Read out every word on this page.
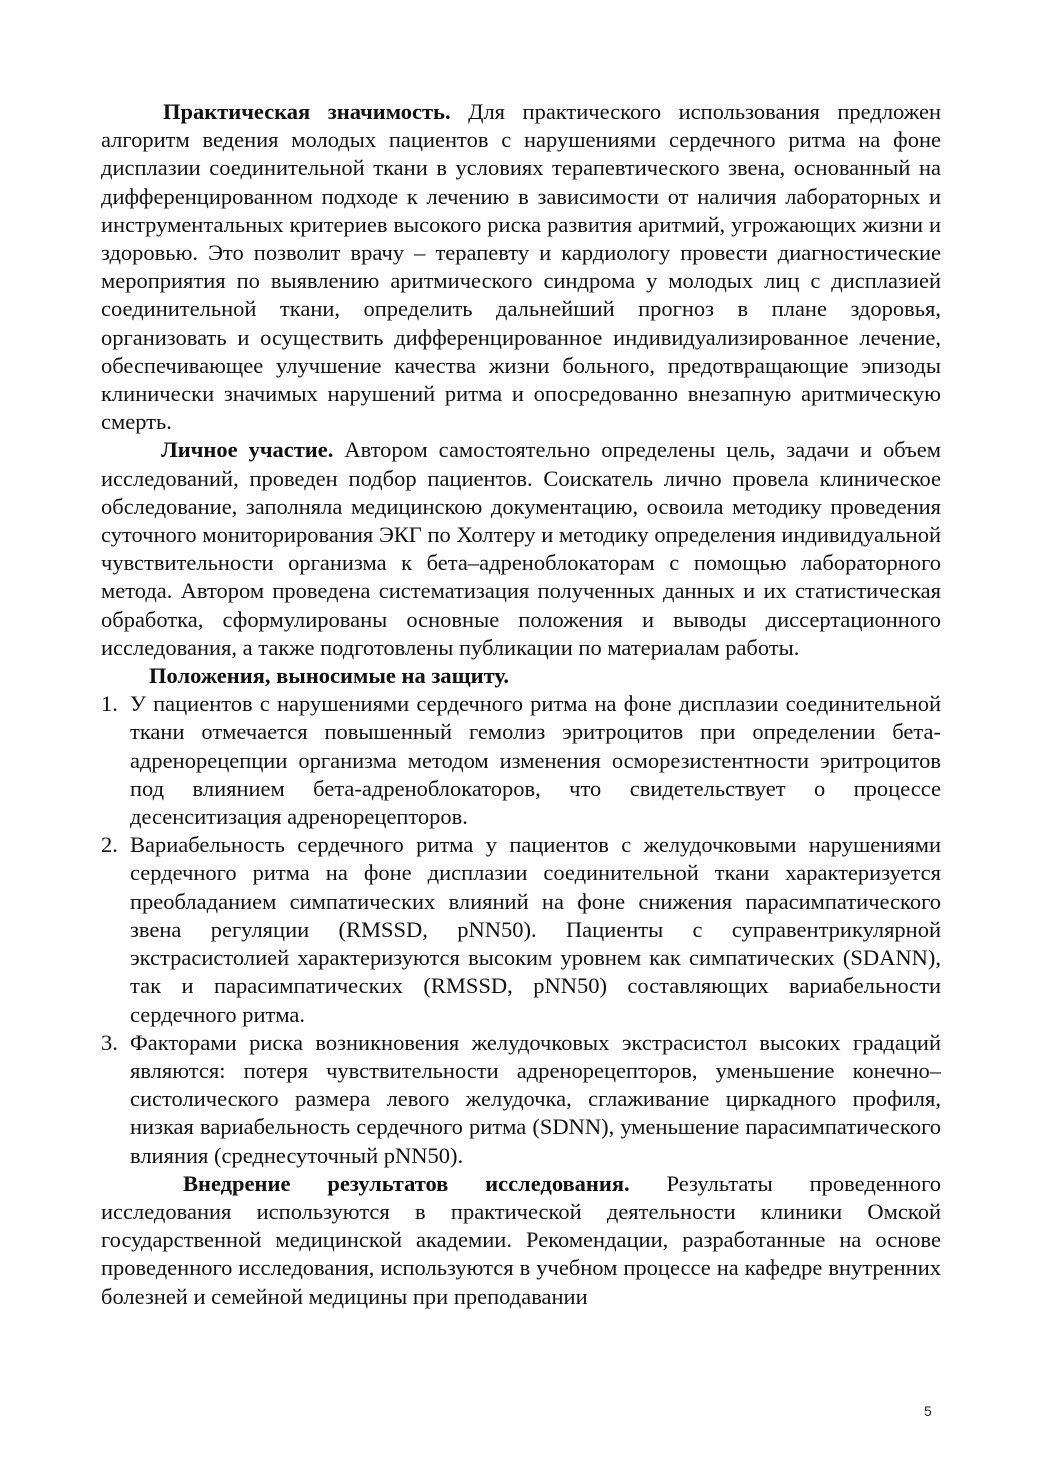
Практическая значимость. Для практического использования предложен алгоритм ведения молодых пациентов с нарушениями сердечного ритма на фоне дисплазии соединительной ткани в условиях терапевтического звена, основанный на дифференцированном подходе к лечению в зависимости от наличия лабораторных и инструментальных критериев высокого риска развития аритмий, угрожающих жизни и здоровью. Это позволит врачу – терапевту и кардиологу провести диагностические мероприятия по выявлению аритмического синдрома у молодых лиц с дисплазией соединительной ткани, определить дальнейший прогноз в плане здоровья, организовать и осуществить дифференцированное индивидуализированное лечение, обеспечивающее улучшение качества жизни больного, предотвращающие эпизоды клинически значимых нарушений ритма и опосредованно внезапную аритмическую смерть.

Личное участие. Автором самостоятельно определены цель, задачи и объем исследований, проведен подбор пациентов. Соискатель лично провела клиническое обследование, заполняла медицинскою документацию, освоила методику проведения суточного мониторирования ЭКГ по Холтеру и методику определения индивидуальной чувствительности организма к бета–адреноблокаторам с помощью лабораторного метода. Автором проведена систематизация полученных данных и их статистическая обработка, сформулированы основные положения и выводы диссертационного исследования, а также подготовлены публикации по материалам работы.

Положения, выносимые на защиту.

1. У пациентов с нарушениями сердечного ритма на фоне дисплазии соединительной ткани отмечается повышенный гемолиз эритроцитов при определении бета-адренорецепции организма методом изменения осморезистентности эритроцитов под влиянием бета-адреноблокаторов, что свидетельствует о процессе десенситизация адренорецепторов.
2. Вариабельность сердечного ритма у пациентов с желудочковыми нарушениями сердечного ритма на фоне дисплазии соединительной ткани характеризуется преобладанием симпатических влияний на фоне снижения парасимпатического звена регуляции (RMSSD, pNN50). Пациенты с суправентрикулярной экстрасистолией характеризуются высоким уровнем как симпатических (SDANN), так и парасимпатических (RMSSD, pNN50) составляющих вариабельности сердечного ритма.
3. Факторами риска возникновения желудочковых экстрасистол высоких градаций являются: потеря чувствительности адренорецепторов, уменьшение конечно–систолического размера левого желудочка, сглаживание циркадного профиля, низкая вариабельность сердечного ритма (SDNN), уменьшение парасимпатического влияния (среднесуточный pNN50).

Внедрение результатов исследования. Результаты проведенного исследования используются в практической деятельности клиники Омской государственной медицинской академии. Рекомендации, разработанные на основе проведенного исследования, используются в учебном процессе на кафедре внутренних болезней и семейной медицины при преподавании

5
